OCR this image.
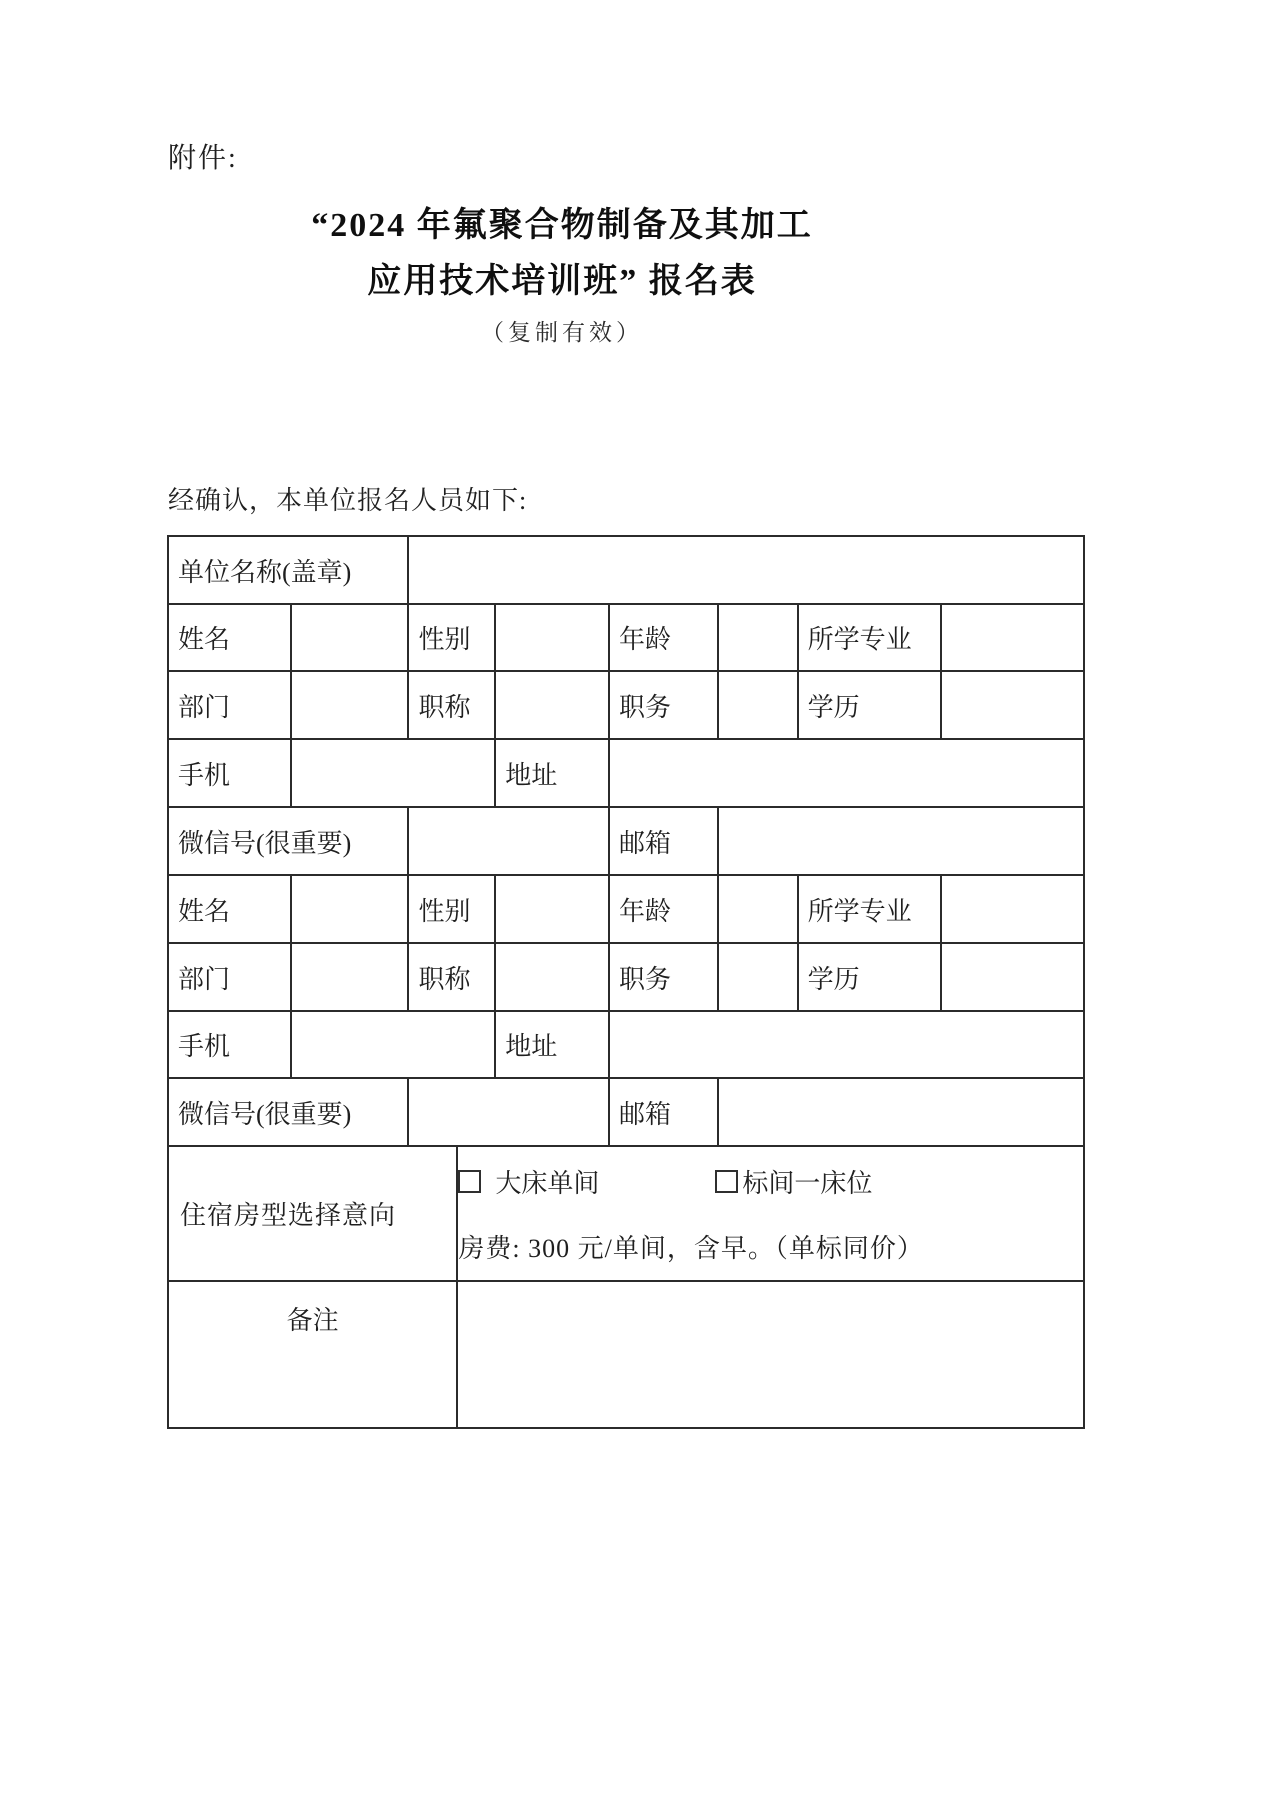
附件:
“2024 年氟聚合物制备及其加工
应用技术培训班” 报名表
（复制有效）
经确认，本单位报名人员如下:
单位名称(盖章)
姓名	性别	年龄	所学专业
部门	职称	职务	学历
手机	地址
微信号(很重要)	邮箱
姓名	性别	年龄	所学专业
部门	职称	职务	学历
手机	地址
微信号(很重要)	邮箱
住宿房型选择意向
大床单间	标间一床位
房费: 300 元/单间，含早。（单标同价）
备注
